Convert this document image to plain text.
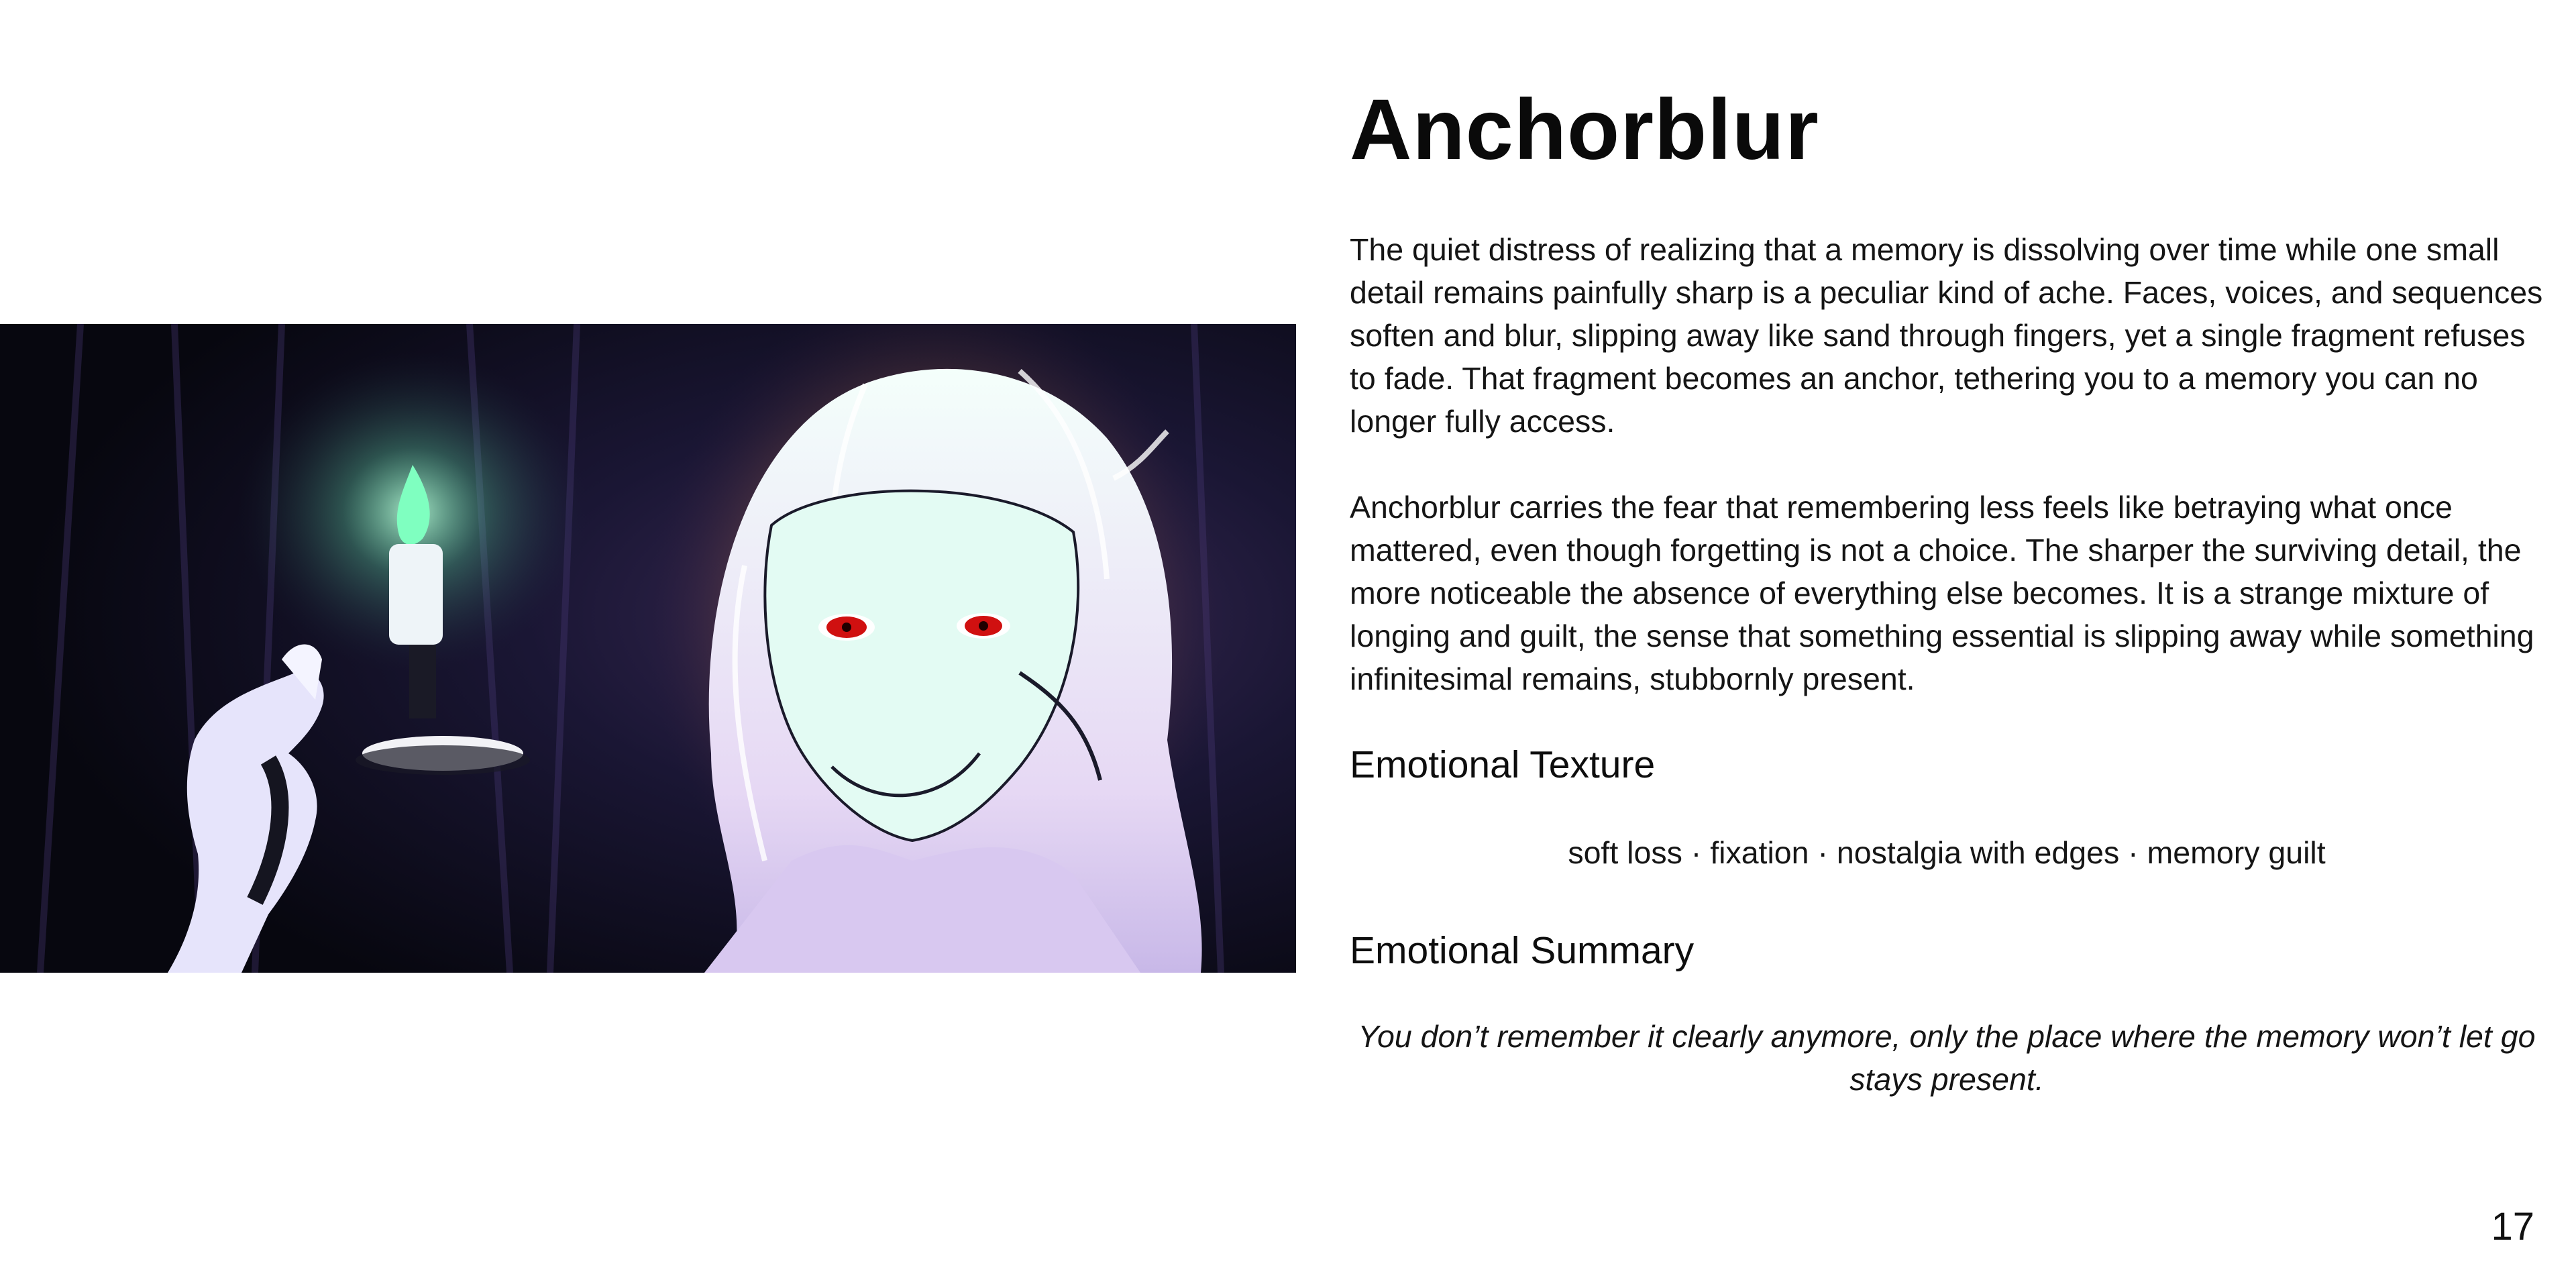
Anchorblur

The quiet distress of realizing that a memory is dissolving over time while one small detail remains painfully sharp is a peculiar kind of ache. Faces, voices, and sequences soften and blur, slipping away like sand through fingers, yet a single fragment refuses to fade. That fragment becomes an anchor, tethering you to a memory you can no longer fully access.

Anchorblur carries the fear that remembering less feels like betraying what once mattered, even though forgetting is not a choice. The sharper the surviving detail, the more noticeable the absence of everything else becomes. It is a strange mixture of longing and guilt, the sense that something essential is slipping away while something infinitesimal remains, stubbornly present.

Emotional Texture

soft loss · fixation · nostalgia with edges · memory guilt

Emotional Summary

You don’t remember it clearly anymore, only the place where the memory won’t let go stays present.

17
